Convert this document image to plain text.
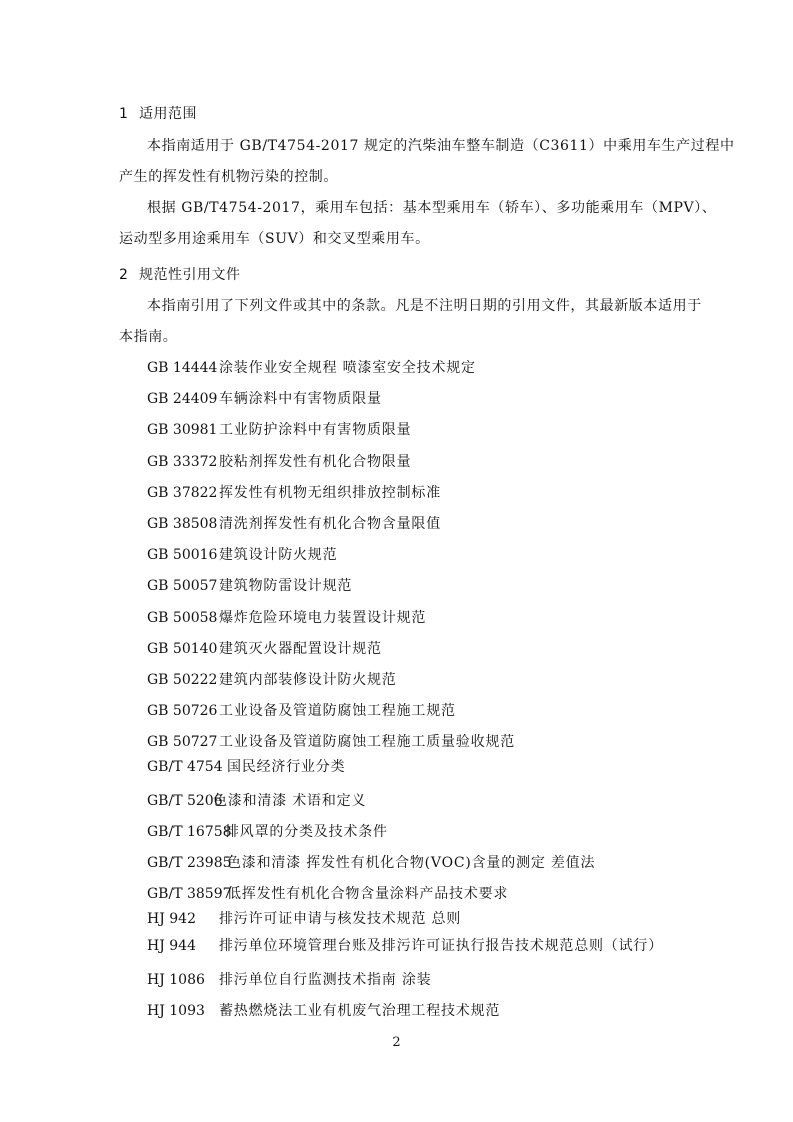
1 适用范围
本指南适用于 GB/T4754-2017 规定的汽柴油车整车制造（C3611）中乘用车生产过程中
产生的挥发性有机物污染的控制。
根据 GB/T4754-2017，乘用车包括：基本型乘用车（轿车）、多功能乘用车（MPV）、
运动型多用途乘用车（SUV）和交叉型乘用车。
2 规范性引用文件
本指南引用了下列文件或其中的条款。凡是不注明日期的引用文件，其最新版本适用于
本指南。
GB 14444 涂装作业安全规程 喷漆室安全技术规定
GB 24409 车辆涂料中有害物质限量
GB 30981 工业防护涂料中有害物质限量
GB 33372 胶粘剂挥发性有机化合物限量
GB 37822 挥发性有机物无组织排放控制标准
GB 38508 清洗剂挥发性有机化合物含量限值
GB 50016 建筑设计防火规范
GB 50057 建筑物防雷设计规范
GB 50058 爆炸危险环境电力装置设计规范
GB 50140 建筑灭火器配置设计规范
GB 50222 建筑内部装修设计防火规范
GB 50726 工业设备及管道防腐蚀工程施工规范
GB 50727 工业设备及管道防腐蚀工程施工质量验收规范
GB/T 4754 国民经济行业分类
GB/T 5206色漆和清漆 术语和定义
GB/T 16758排风罩的分类及技术条件
GB/T 23985色漆和清漆 挥发性有机化合物(VOC)含量的测定 差值法
GB/T 38597低挥发性有机化合物含量涂料产品技术要求
HJ 942 排污许可证申请与核发技术规范 总则
HJ 944 排污单位环境管理台账及排污许可证执行报告技术规范总则（试行）
HJ 1086 排污单位自行监测技术指南 涂装
HJ 1093 蓄热燃烧法工业有机废气治理工程技术规范
2
